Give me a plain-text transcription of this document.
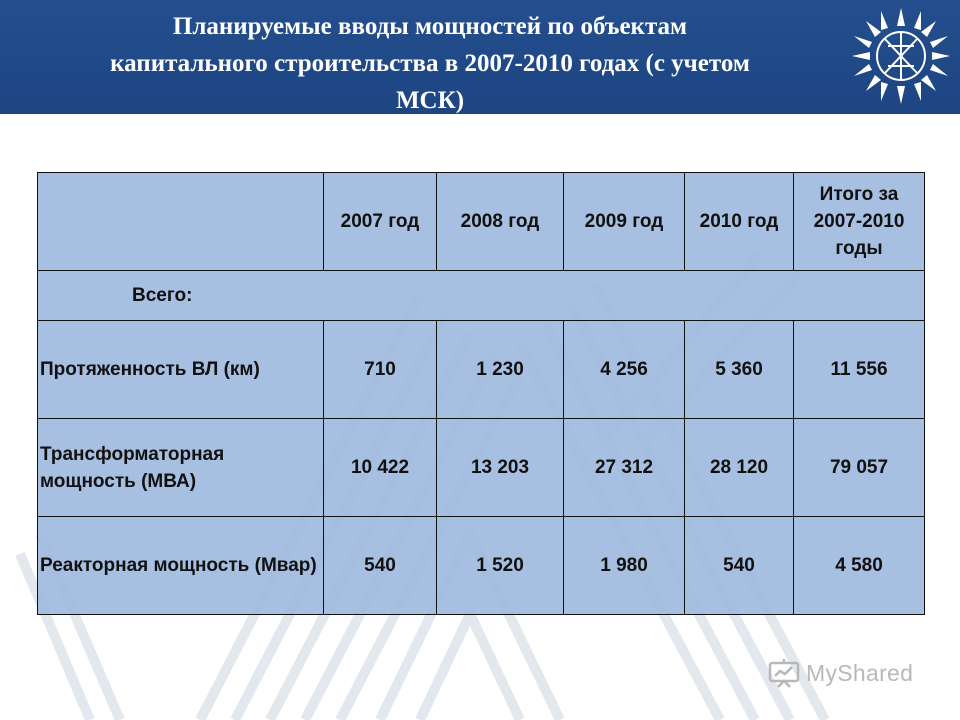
Планируемые вводы мощностей по объектам
капитального строительства в 2007-2010 годах (с учетом
МСК)
	2007 год	2008 год	2009 год	2010 год	Итого за 2007-2010 годы
Всего:					
Протяженность ВЛ (км)	710	1 230	4 256	5 360	11 556
Трансформаторная мощность (МВА)	10 422	13 203	27 312	28 120	79 057
Реакторная мощность (Мвар)	540	1 520	1 980	540	4 580
MyShared
